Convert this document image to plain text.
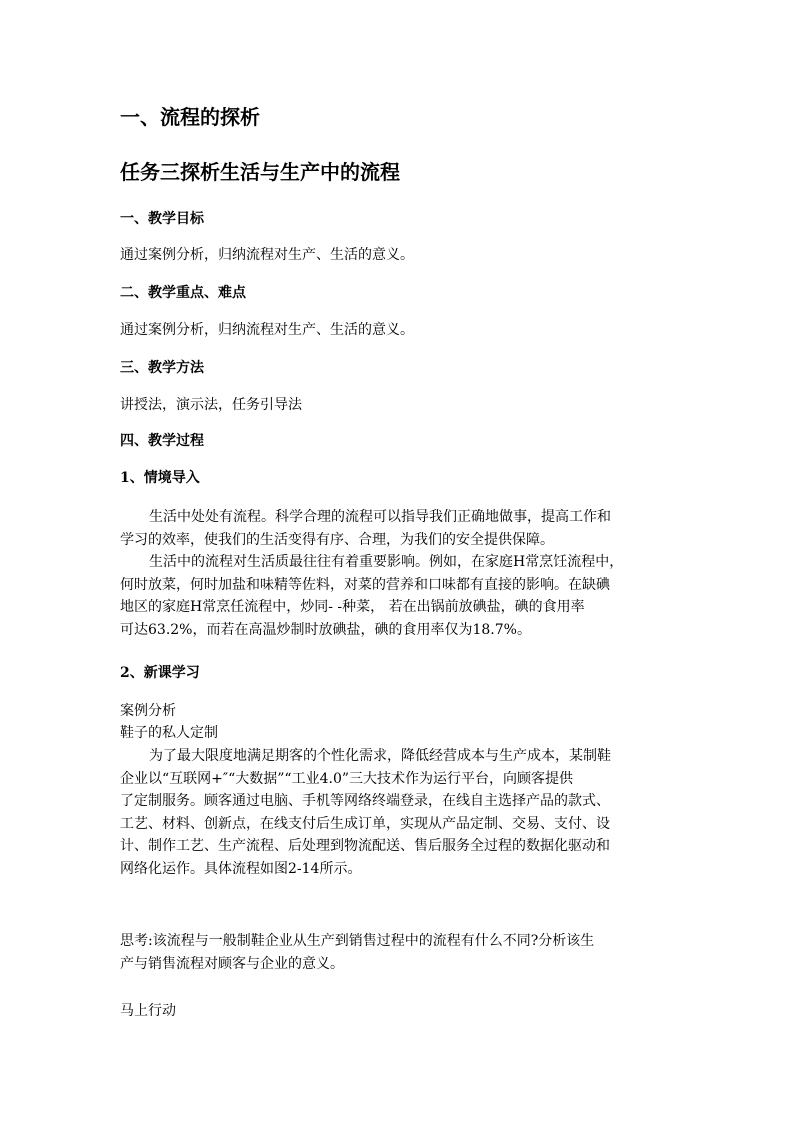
一、流程的探析
任务三探析生活与生产中的流程
一、教学目标

通过案例分析，归纳流程对生产、生活的意义。

二、教学重点、难点

通过案例分析，归纳流程对生产、生活的意义。

三、教学方法

讲授法，演示法，任务引导法

四、教学过程
1、情境导入
生活中处处有流程。科学合理的流程可以指导我们正确地做事，提高工作和
学习的效率，使我们的生活变得有序、合理，为我们的安全提供保障。
生活中的流程对生活质最往往有着重要影响。例如，在家庭H常烹饪流程中，
何时放菜，何时加盐和味精等佐料，对菜的营养和口味都有直接的影响。在缺碘
地区的家庭H常烹任流程中，炒同- -种菜， 若在出锅前放碘盐，碘的食用率
可达63.2%，而若在高温炒制时放碘盐，碘的食用率仅为18.7%。
2、新课学习

案例分析

鞋子的私人定制

为了最大限度地满足期客的个性化需求，降低经营成本与生产成本，某制鞋
企业以“互联网+″“大数据”“工业4.0”三大技术作为运行平台，向顾客提供
了定制服务。顾客通过电脑、手机等网络终端登录，在线自主选择产品的款式、
工艺、材料、创新点，在线支付后生成订单，实现从产品定制、交易、支付、设
计、制作工艺、生产流程、后处理到物流配送、售后服务全过程的数据化驱动和
网络化运作。具体流程如图2-14所示。
思考:该流程与一般制鞋企业从生产到销售过程中的流程有什么不同?分析该生
产与销售流程对顾客与企业的意义。

马上行动
